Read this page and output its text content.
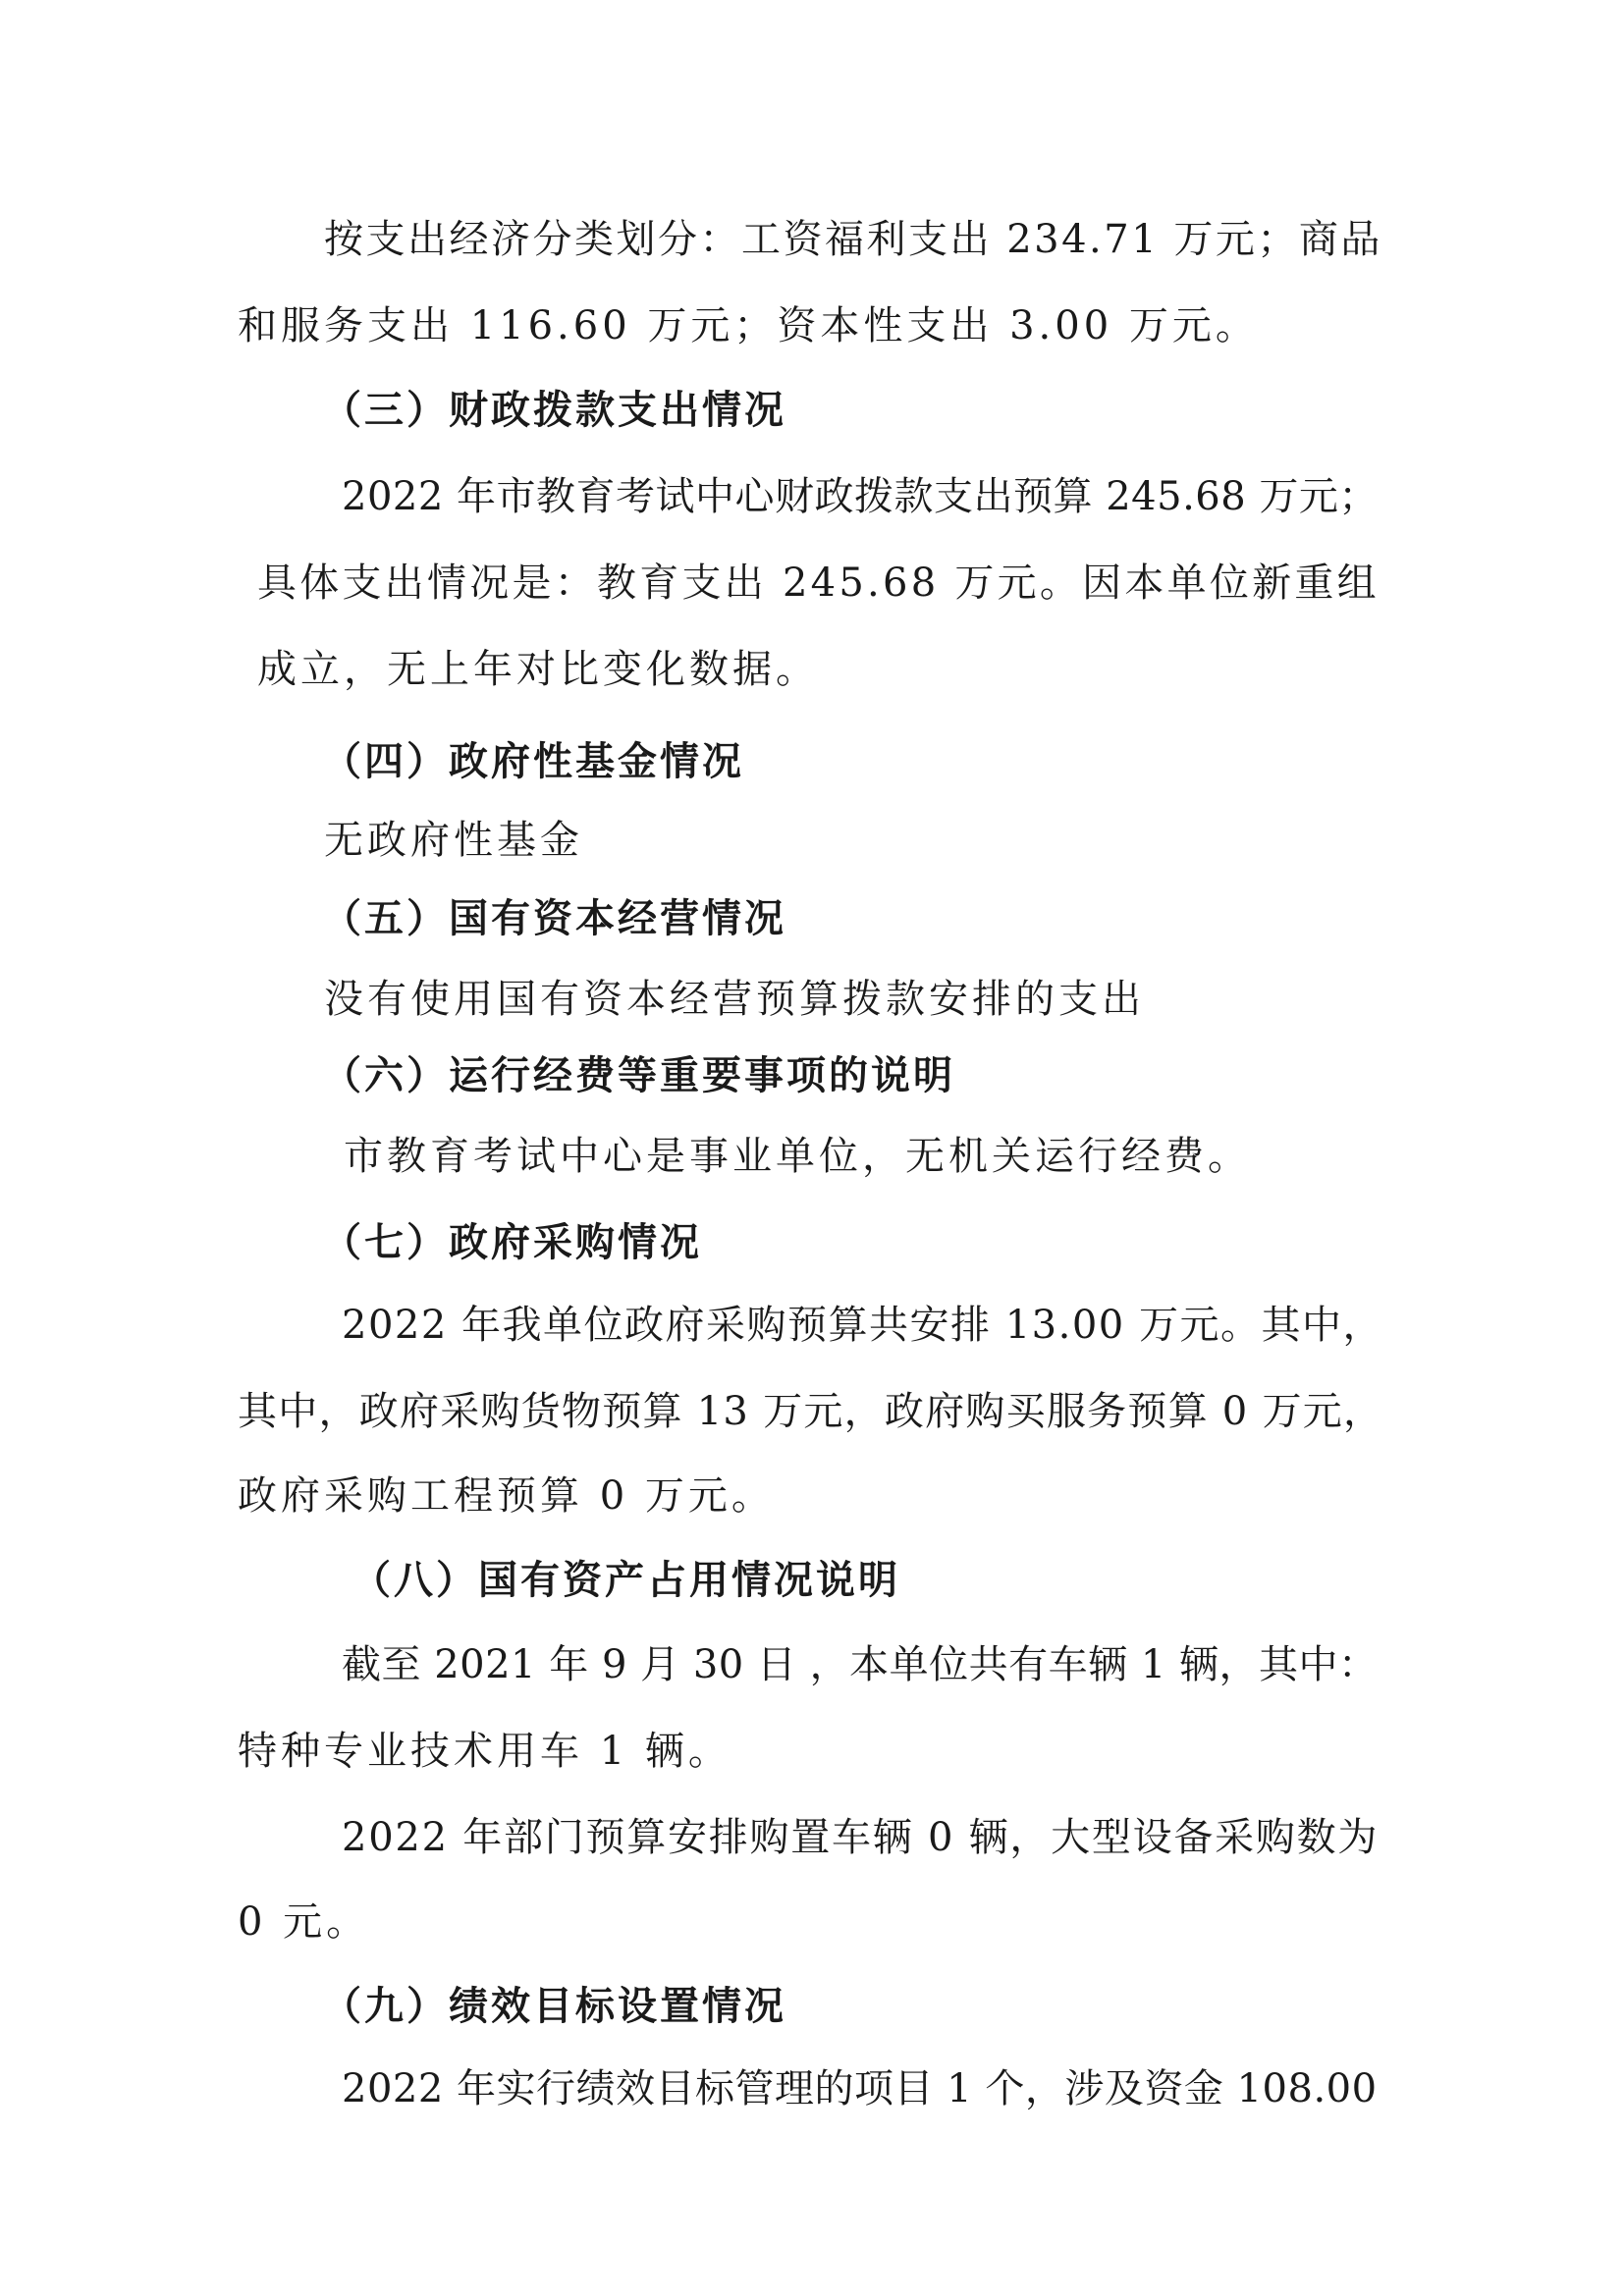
按支出经济分类划分：工资福利支出 234.71 万元；商品
和服务支出 116.60 万元；资本性支出 3.00 万元。
（三）财政拨款支出情况
2022 年市教育考试中心财政拨款支出预算 245.68 万元；
具体支出情况是：教育支出 245.68 万元。因本单位新重组
成立，无上年对比变化数据。
（四）政府性基金情况
无政府性基金
（五）国有资本经营情况
没有使用国有资本经营预算拨款安排的支出
（六）运行经费等重要事项的说明
市教育考试中心是事业单位，无机关运行经费。
（七）政府采购情况
2022 年我单位政府采购预算共安排 13.00 万元。其中，
其中，政府采购货物预算 13 万元，政府购买服务预算 0 万元，
政府采购工程预算 0 万元。
（八）国有资产占用情况说明
截至 2021 年 9 月 30 日 ，本单位共有车辆 1 辆，其中：
特种专业技术用车 1 辆。
2022 年部门预算安排购置车辆 0 辆，大型设备采购数为
0 元。
（九）绩效目标设置情况
2022 年实行绩效目标管理的项目 1 个，涉及资金 108.00
